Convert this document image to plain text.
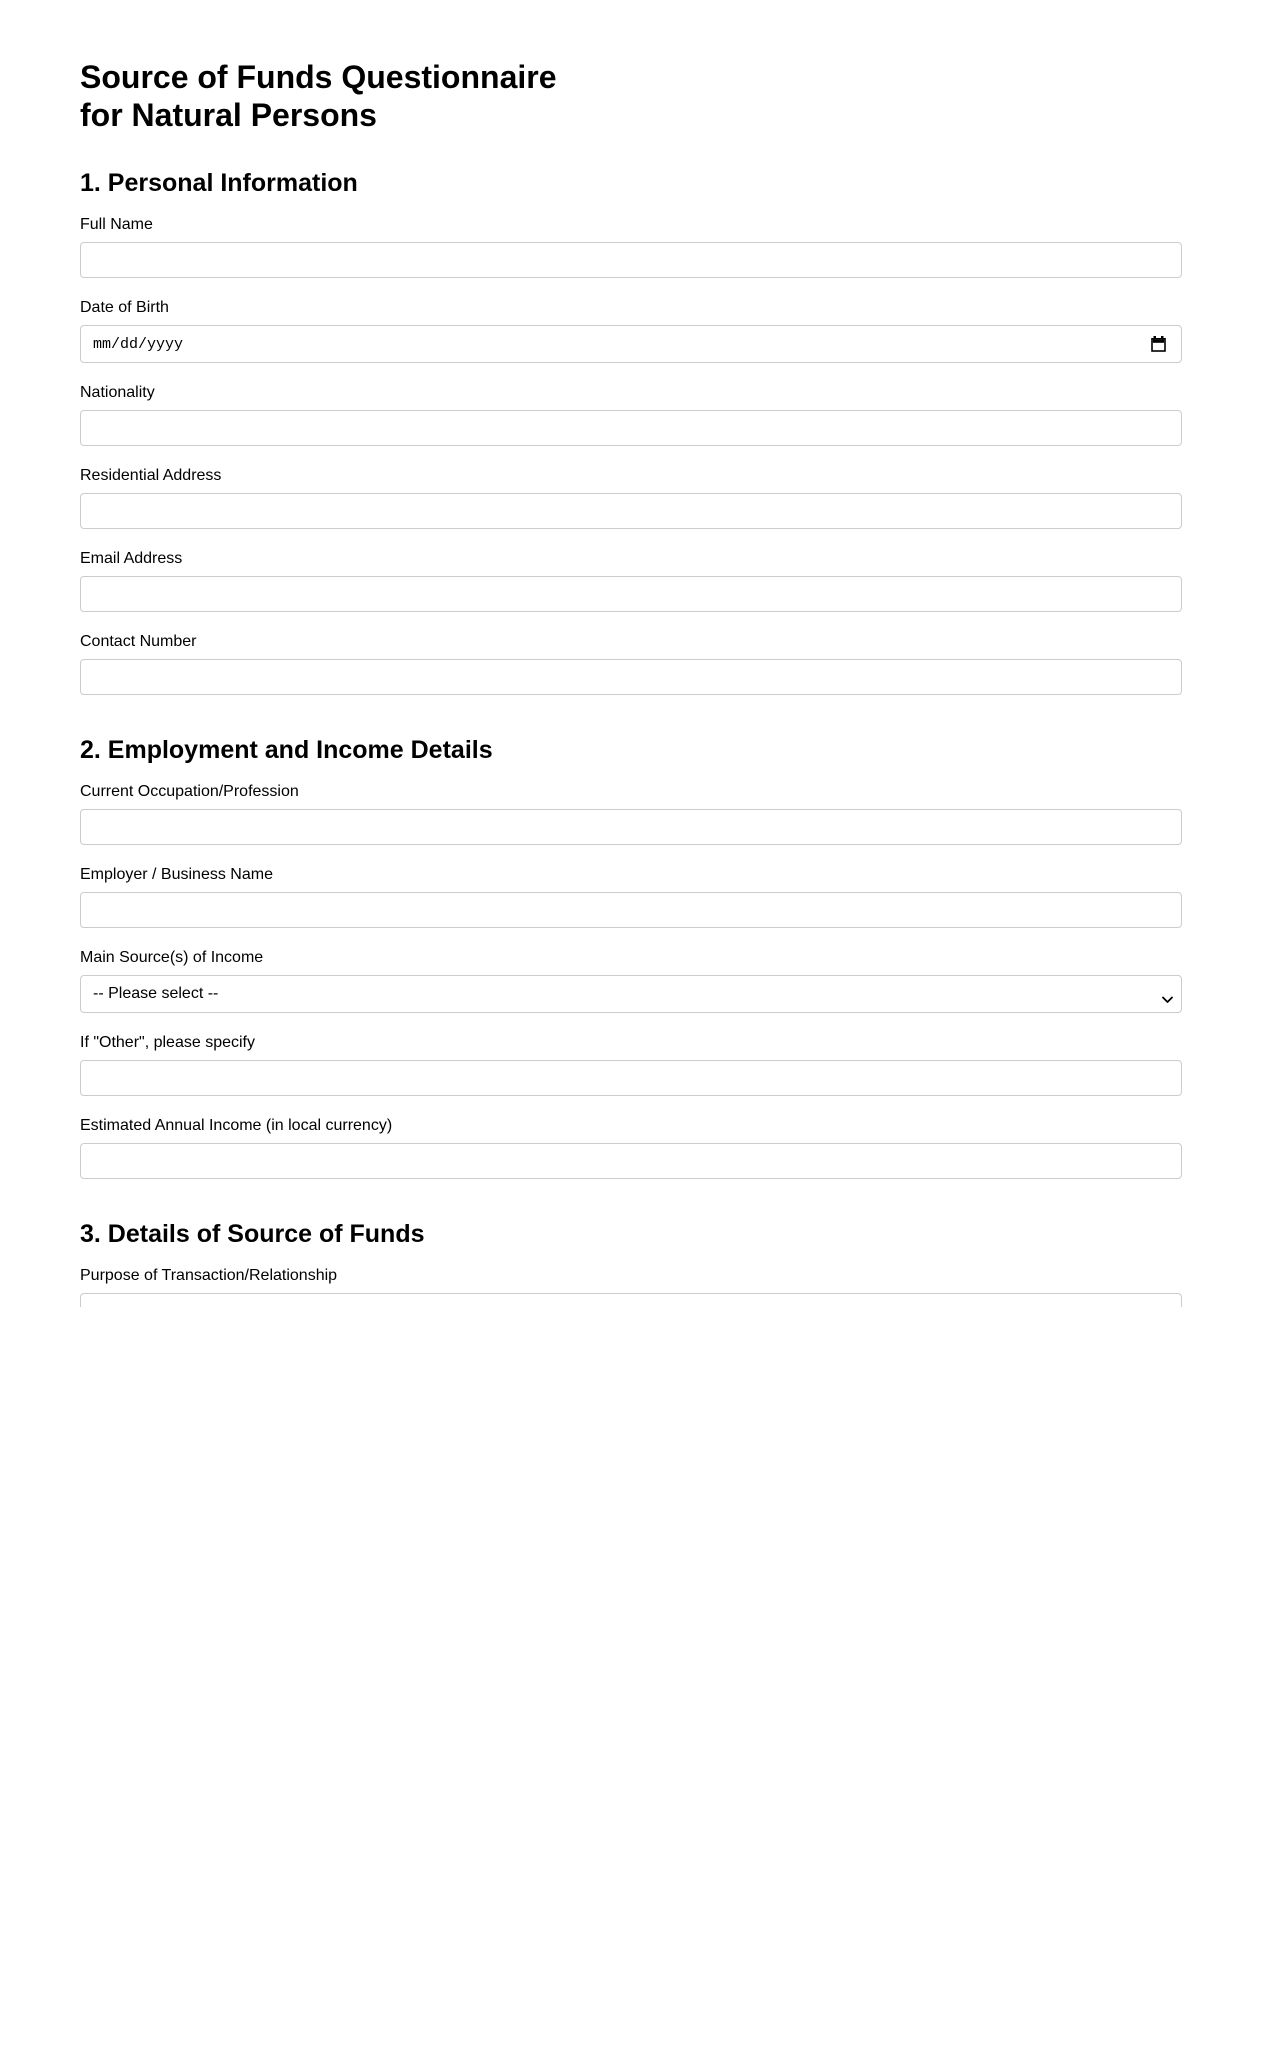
Source of Funds Questionnaire
for Natural Persons
1. Personal Information
Full Name
Date of Birth
mm/dd/yyyy
Nationality
Residential Address
Email Address
Contact Number
2. Employment and Income Details
Current Occupation/Profession
Employer / Business Name
Main Source(s) of Income
-- Please select --
If "Other", please specify
Estimated Annual Income (in local currency)
3. Details of Source of Funds
Purpose of Transaction/Relationship
